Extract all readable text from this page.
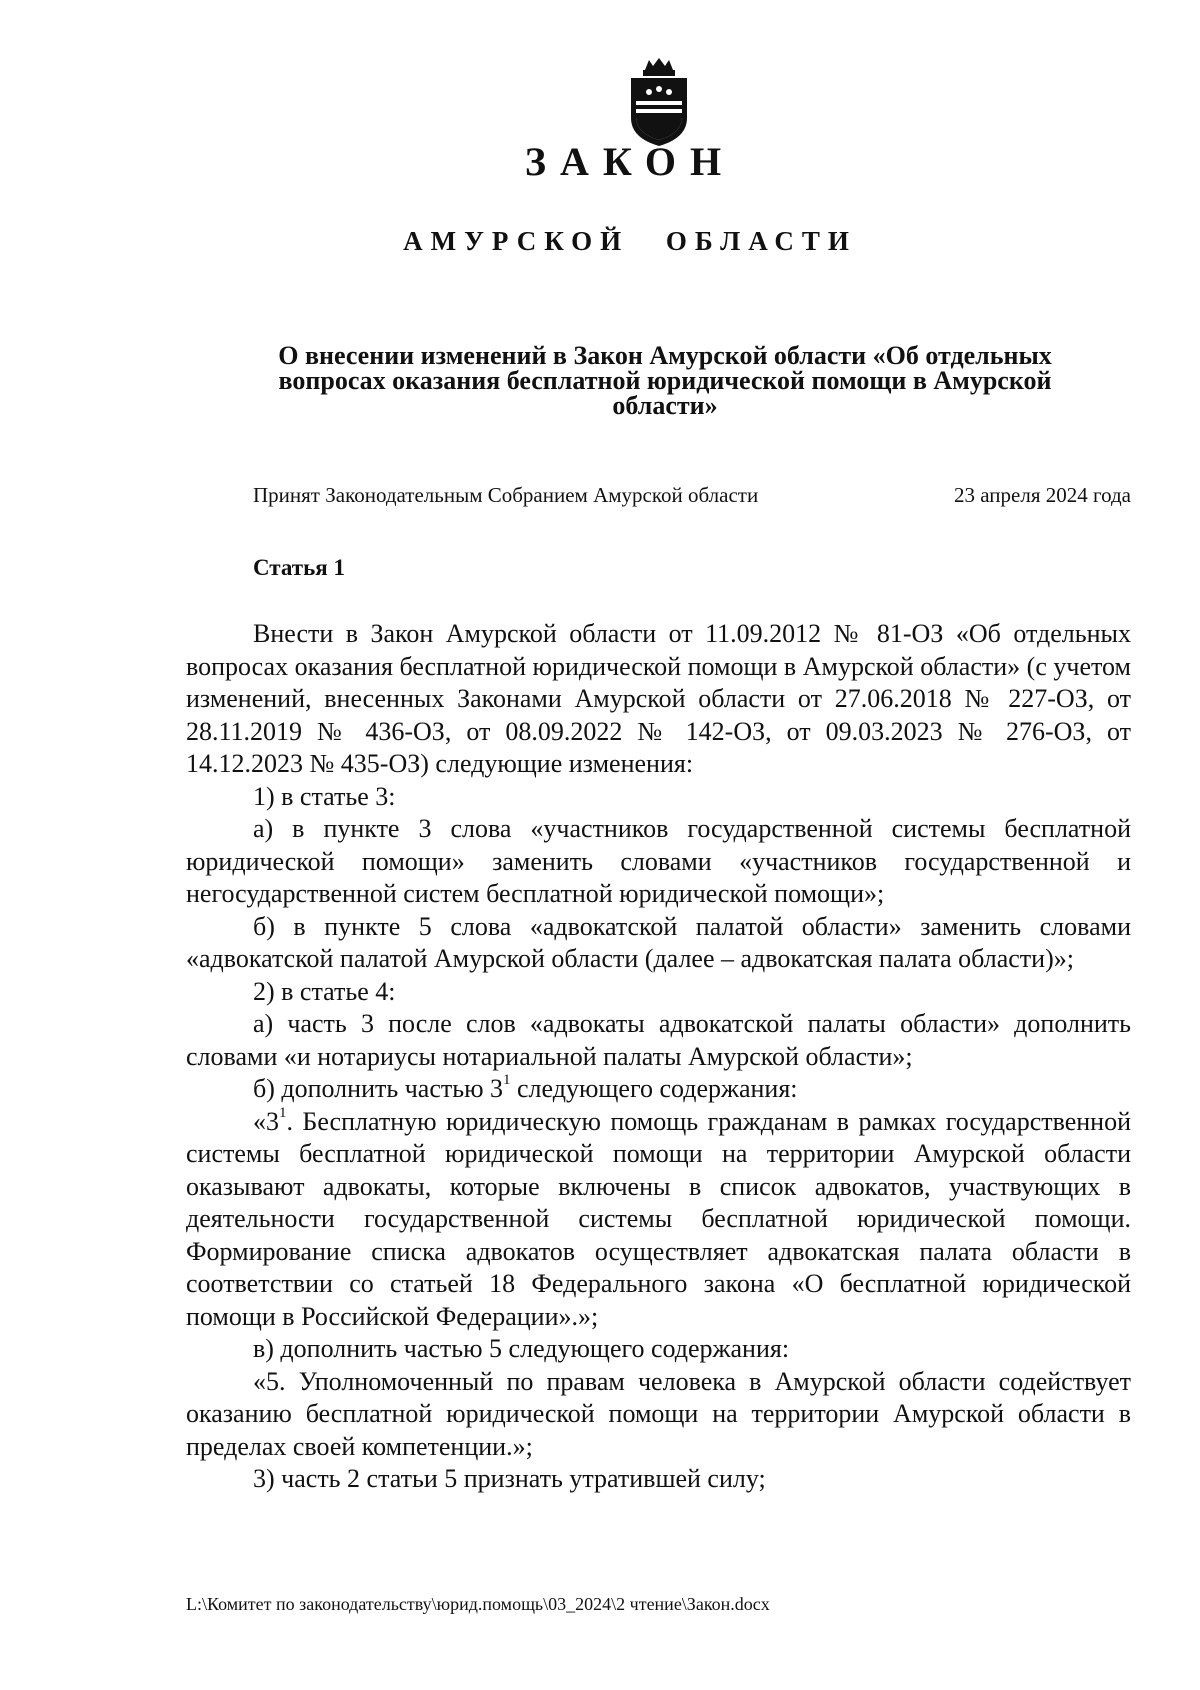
ЗАКОН
АМУРСКОЙ ОБЛАСТИ
О внесении изменений в Закон Амурской области «Об отдельных
вопросах оказания бесплатной юридической помощи в Амурской
области»
Принят Законодательным Собранием Амурской области	23 апреля 2024 года
Статья 1

Внести в Закон Амурской области от 11.09.2012 № 81-ОЗ «Об отдельных вопросах оказания бесплатной юридической помощи в Амурской области» (с учетом изменений, внесенных Законами Амурской области от 27.06.2018 № 227-ОЗ, от 28.11.2019 № 436-ОЗ, от 08.09.2022 № 142-ОЗ, от 09.03.2023 № 276-ОЗ, от 14.12.2023 № 435-ОЗ) следующие изменения:

1) в статье 3:

а) в пункте 3 слова «участников государственной системы бесплатной юридической помощи» заменить словами «участников государственной и негосударственной систем бесплатной юридической помощи»;

б) в пункте 5 слова «адвокатской палатой области» заменить словами «адвокатской палатой Амурской области (далее – адвокатская палата области)»;

2) в статье 4:

а) часть 3 после слов «адвокаты адвокатской палаты области» дополнить словами «и нотариусы нотариальной палаты Амурской области»;

б) дополнить частью $3^1$ следующего содержания:

«$3^1$. Бесплатную юридическую помощь гражданам в рамках государственной системы бесплатной юридической помощи на территории Амурской области оказывают адвокаты, которые включены в список адвокатов, участвующих в деятельности государственной системы бесплатной юридической помощи. Формирование списка адвокатов осуществляет адвокатская палата области в соответствии со статьей 18 Федерального закона «О бесплатной юридической помощи в Российской Федерации».»;

в) дополнить частью 5 следующего содержания:

«5. Уполномоченный по правам человека в Амурской области содействует оказанию бесплатной юридической помощи на территории Амурской области в пределах своей компетенции.»;

3) часть 2 статьи 5 признать утратившей силу;

L:\Комитет по законодательству\юрид.помощь\03_2024\2 чтение\Закон.docx
